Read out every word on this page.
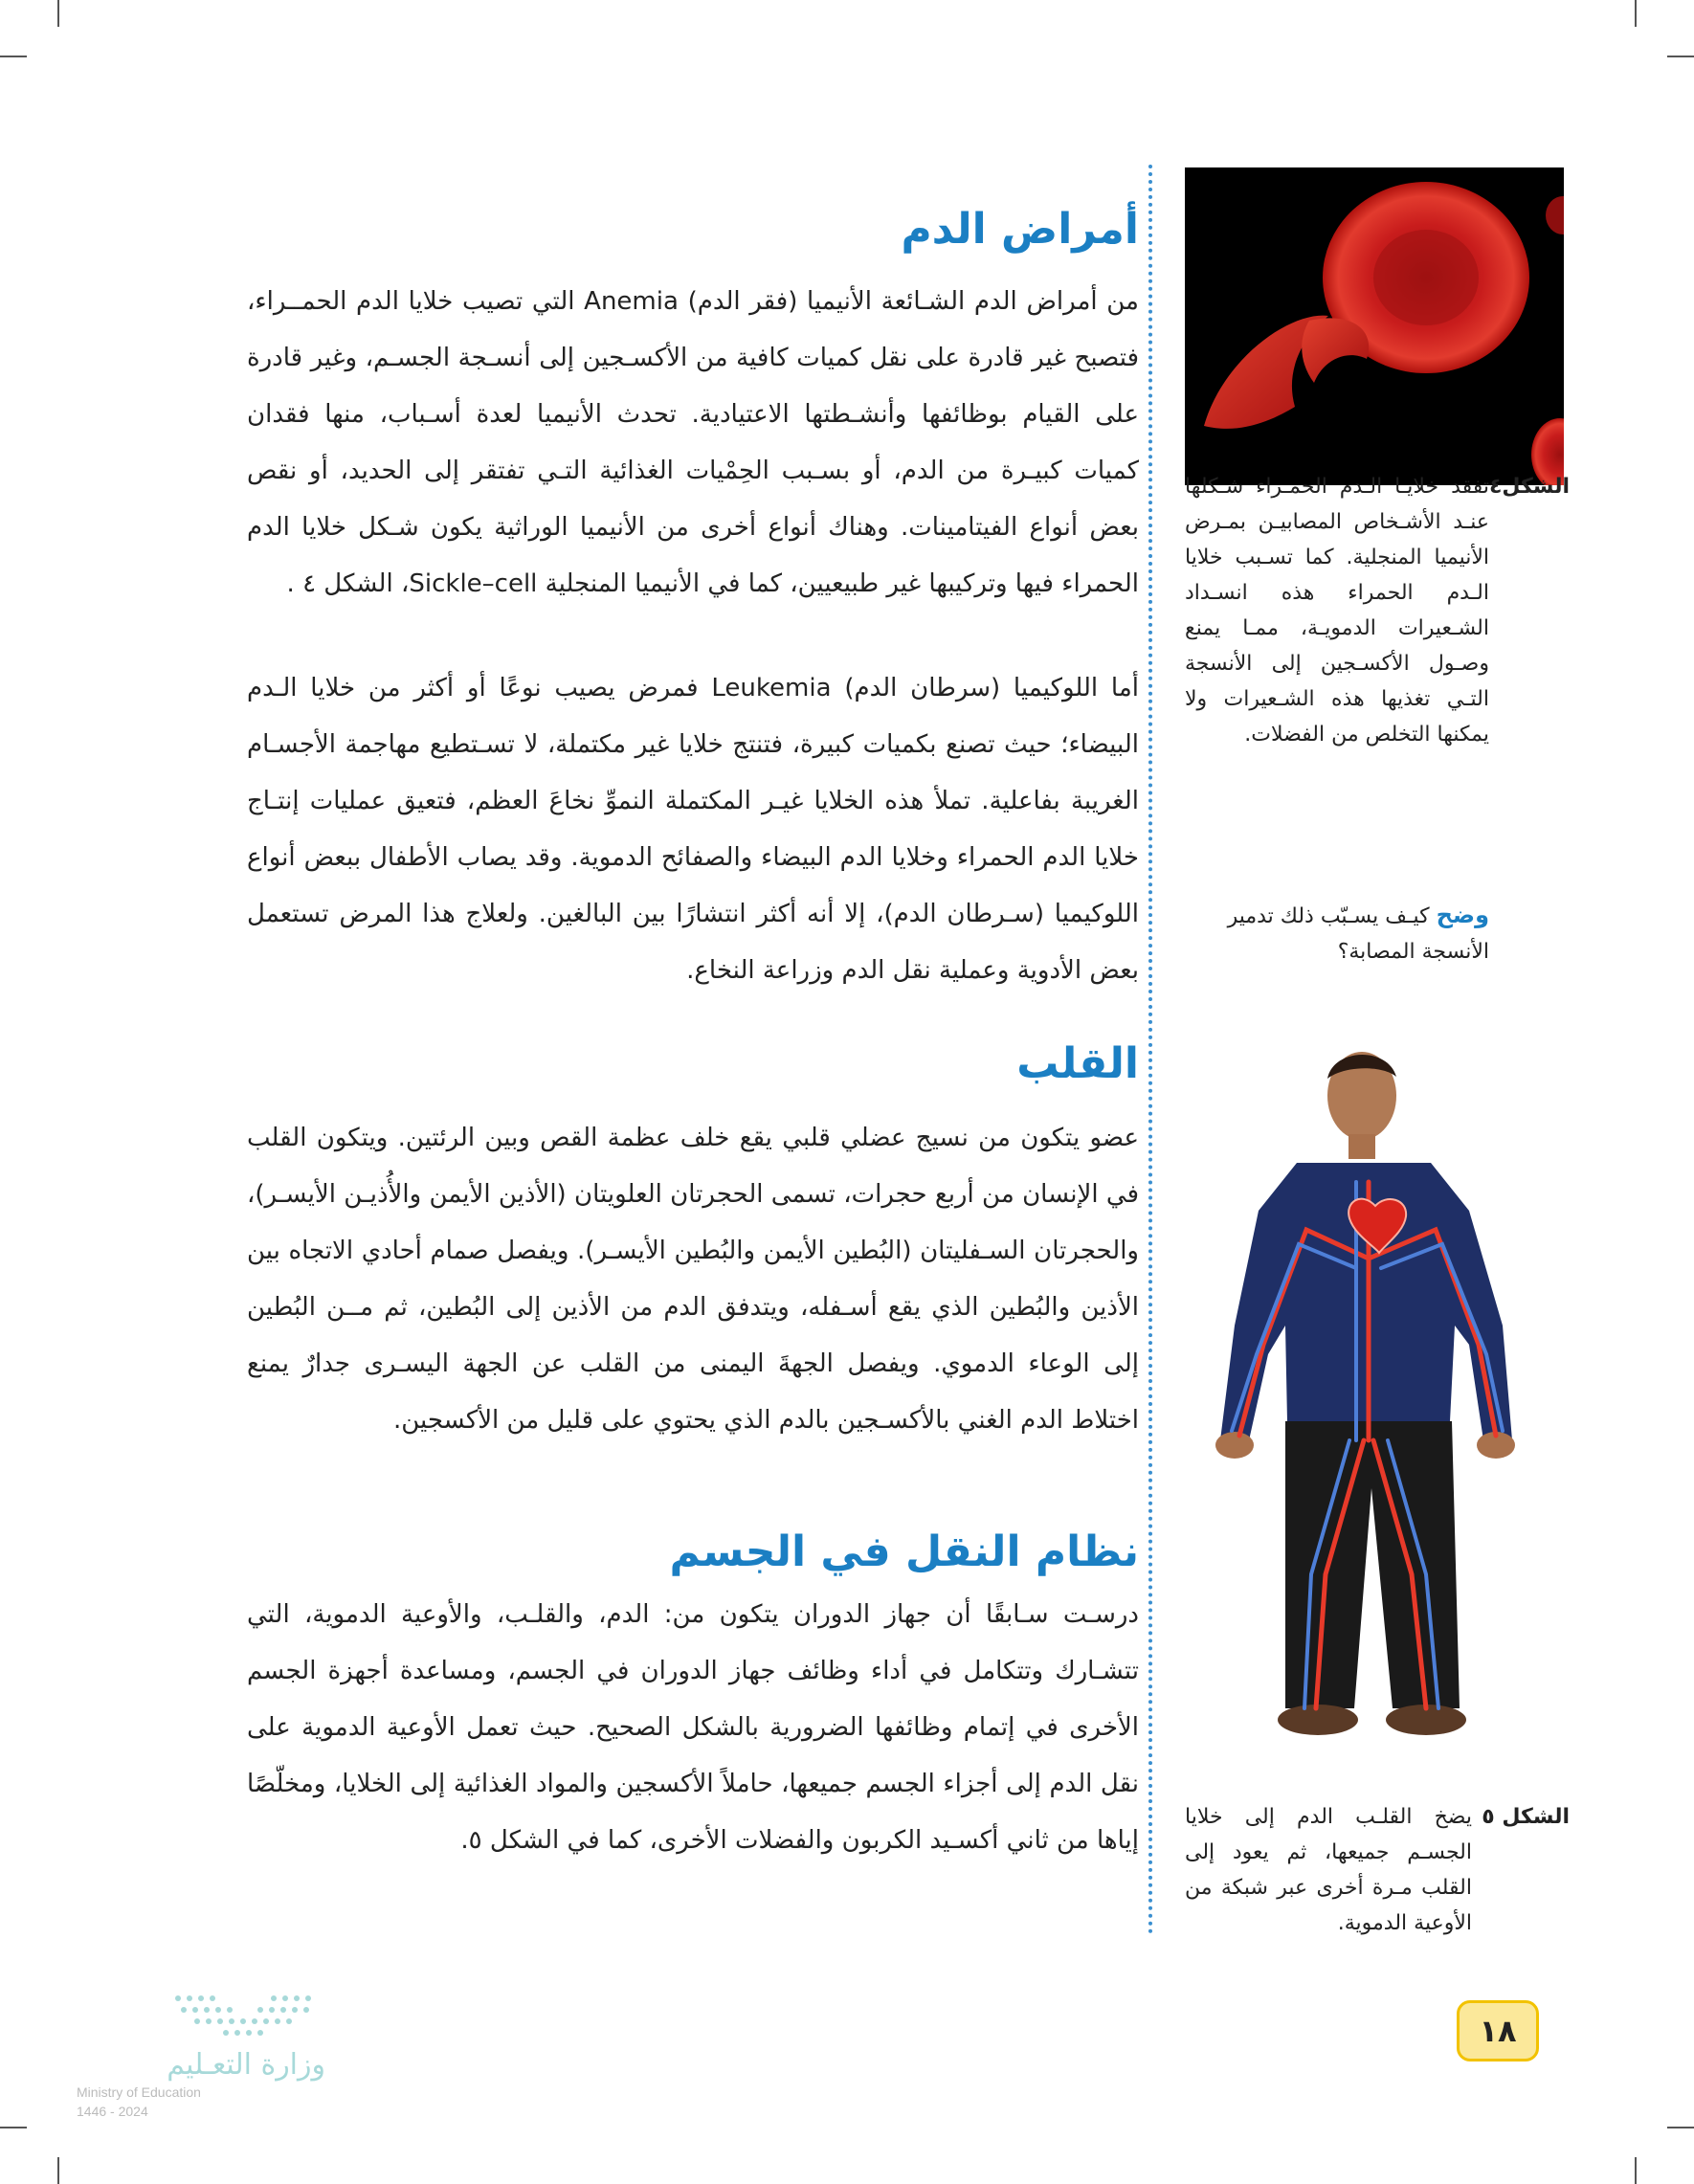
أمراض الدم

من أمراض الدم الشـائعة الأنيميا (فقر الدم) Anemia التي تصيب خلايا الدم الحمــراء، فتصبح غير قادرة على نقل كميات كافية من الأكسـجين إلى أنسـجة الجسـم، وغير قادرة على القيام بوظائفها وأنشـطتها الاعتيادية. تحدث الأنيميا لعدة أسـباب، منها فقدان كميات كبيـرة من الدم، أو بسـبب الحِمْيات الغذائية التـي تفتقر إلى الحديد، أو نقص بعض أنواع الفيتامينات. وهناك أنواع أخرى من الأنيميا الوراثية يكون شـكل خلايا الدم الحمراء فيها وتركيبها غير طبيعيين، كما في الأنيميا المنجلية Sickle–cell، الشكل ٤ .

أما اللوكيميا (سرطان الدم) Leukemia فمرض يصيب نوعًا أو أكثر من خلايا الـدم البيضاء؛ حيث تصنع بكميات كبيرة، فتنتج خلايا غير مكتملة، لا تسـتطيع مهاجمة الأجسـام الغريبة بفاعلية. تملأ هذه الخلايا غيـر المكتملة النموِّ نخاعَ العظم، فتعيق عمليات إنتـاج خلايا الدم الحمراء وخلايا الدم البيضاء والصفائح الدموية. وقد يصاب الأطفال ببعض أنواع اللوكيميا (سـرطان الدم)، إلا أنه أكثر انتشارًا بين البالغين. ولعلاج هذا المرض تستعمل بعض الأدوية وعملية نقل الدم وزراعة النخاع.

القلب

عضو يتكون من نسيج عضلي قلبي يقع خلف عظمة القص وبين الرئتين. ويتكون القلب في الإنسان من أربع حجرات، تسمى الحجرتان العلويتان (الأذين الأيمن والأُذيـن الأيسـر)، والحجرتان السـفليتان (البُطين الأيمن والبُطين الأيسـر). ويفصل صمام أحادي الاتجاه بين الأذين والبُطين الذي يقع أسـفله، ويتدفق الدم من الأذين إلى البُطين، ثم مــن البُطين إلى الوعاء الدموي. ويفصل الجهةَ اليمنى من القلب عن الجهة اليسـرى جدارٌ يمنع اختلاط الدم الغني بالأكسـجين بالدم الذي يحتوي على قليل من الأكسجين.

نظام النقل في الجسم

درسـت سـابقًا أن جهاز الدوران يتكون من: الدم، والقلـب، والأوعية الدموية، التي تتشـارك وتتكامل في أداء وظائف جهاز الدوران في الجسم، ومساعدة أجهزة الجسم الأخرى في إتمام وظائفها الضرورية بالشكل الصحيح. حيث تعمل الأوعية الدموية على نقل الدم إلى أجزاء الجسم جميعها، حاملاً الأكسجين والمواد الغذائية إلى الخلايا، ومخلّصًا إياها من ثاني أكسـيد الكربون والفضلات الأخرى، كما في الشكل ٥.

الشكل٤
تفقد خلايـا الـدم الحمـراء شـكلها عنـد الأشـخاص المصابيـن بمـرض الأنيميا المنجلية. كما تسـبب خلايا الـدم الحمراء هذه انسـداد الشـعيرات الدمويـة، ممـا يمنع وصـول الأكسـجين إلى الأنسجة التـي تغذيها هذه الشـعيرات ولا يمكنها التخلص من الفضلات.
وضح كيـف يسـبّب ذلك تدمير الأنسجة المصابة؟
الشكل ٥
يضخ القلـب الدم إلى خلايا الجسـم جميعها، ثم يعود إلى القلب مـرة أخرى عبر شبكة من الأوعية الدموية.
١٨
وزارة التعـليم
Ministry of Education
2024 - 1446
